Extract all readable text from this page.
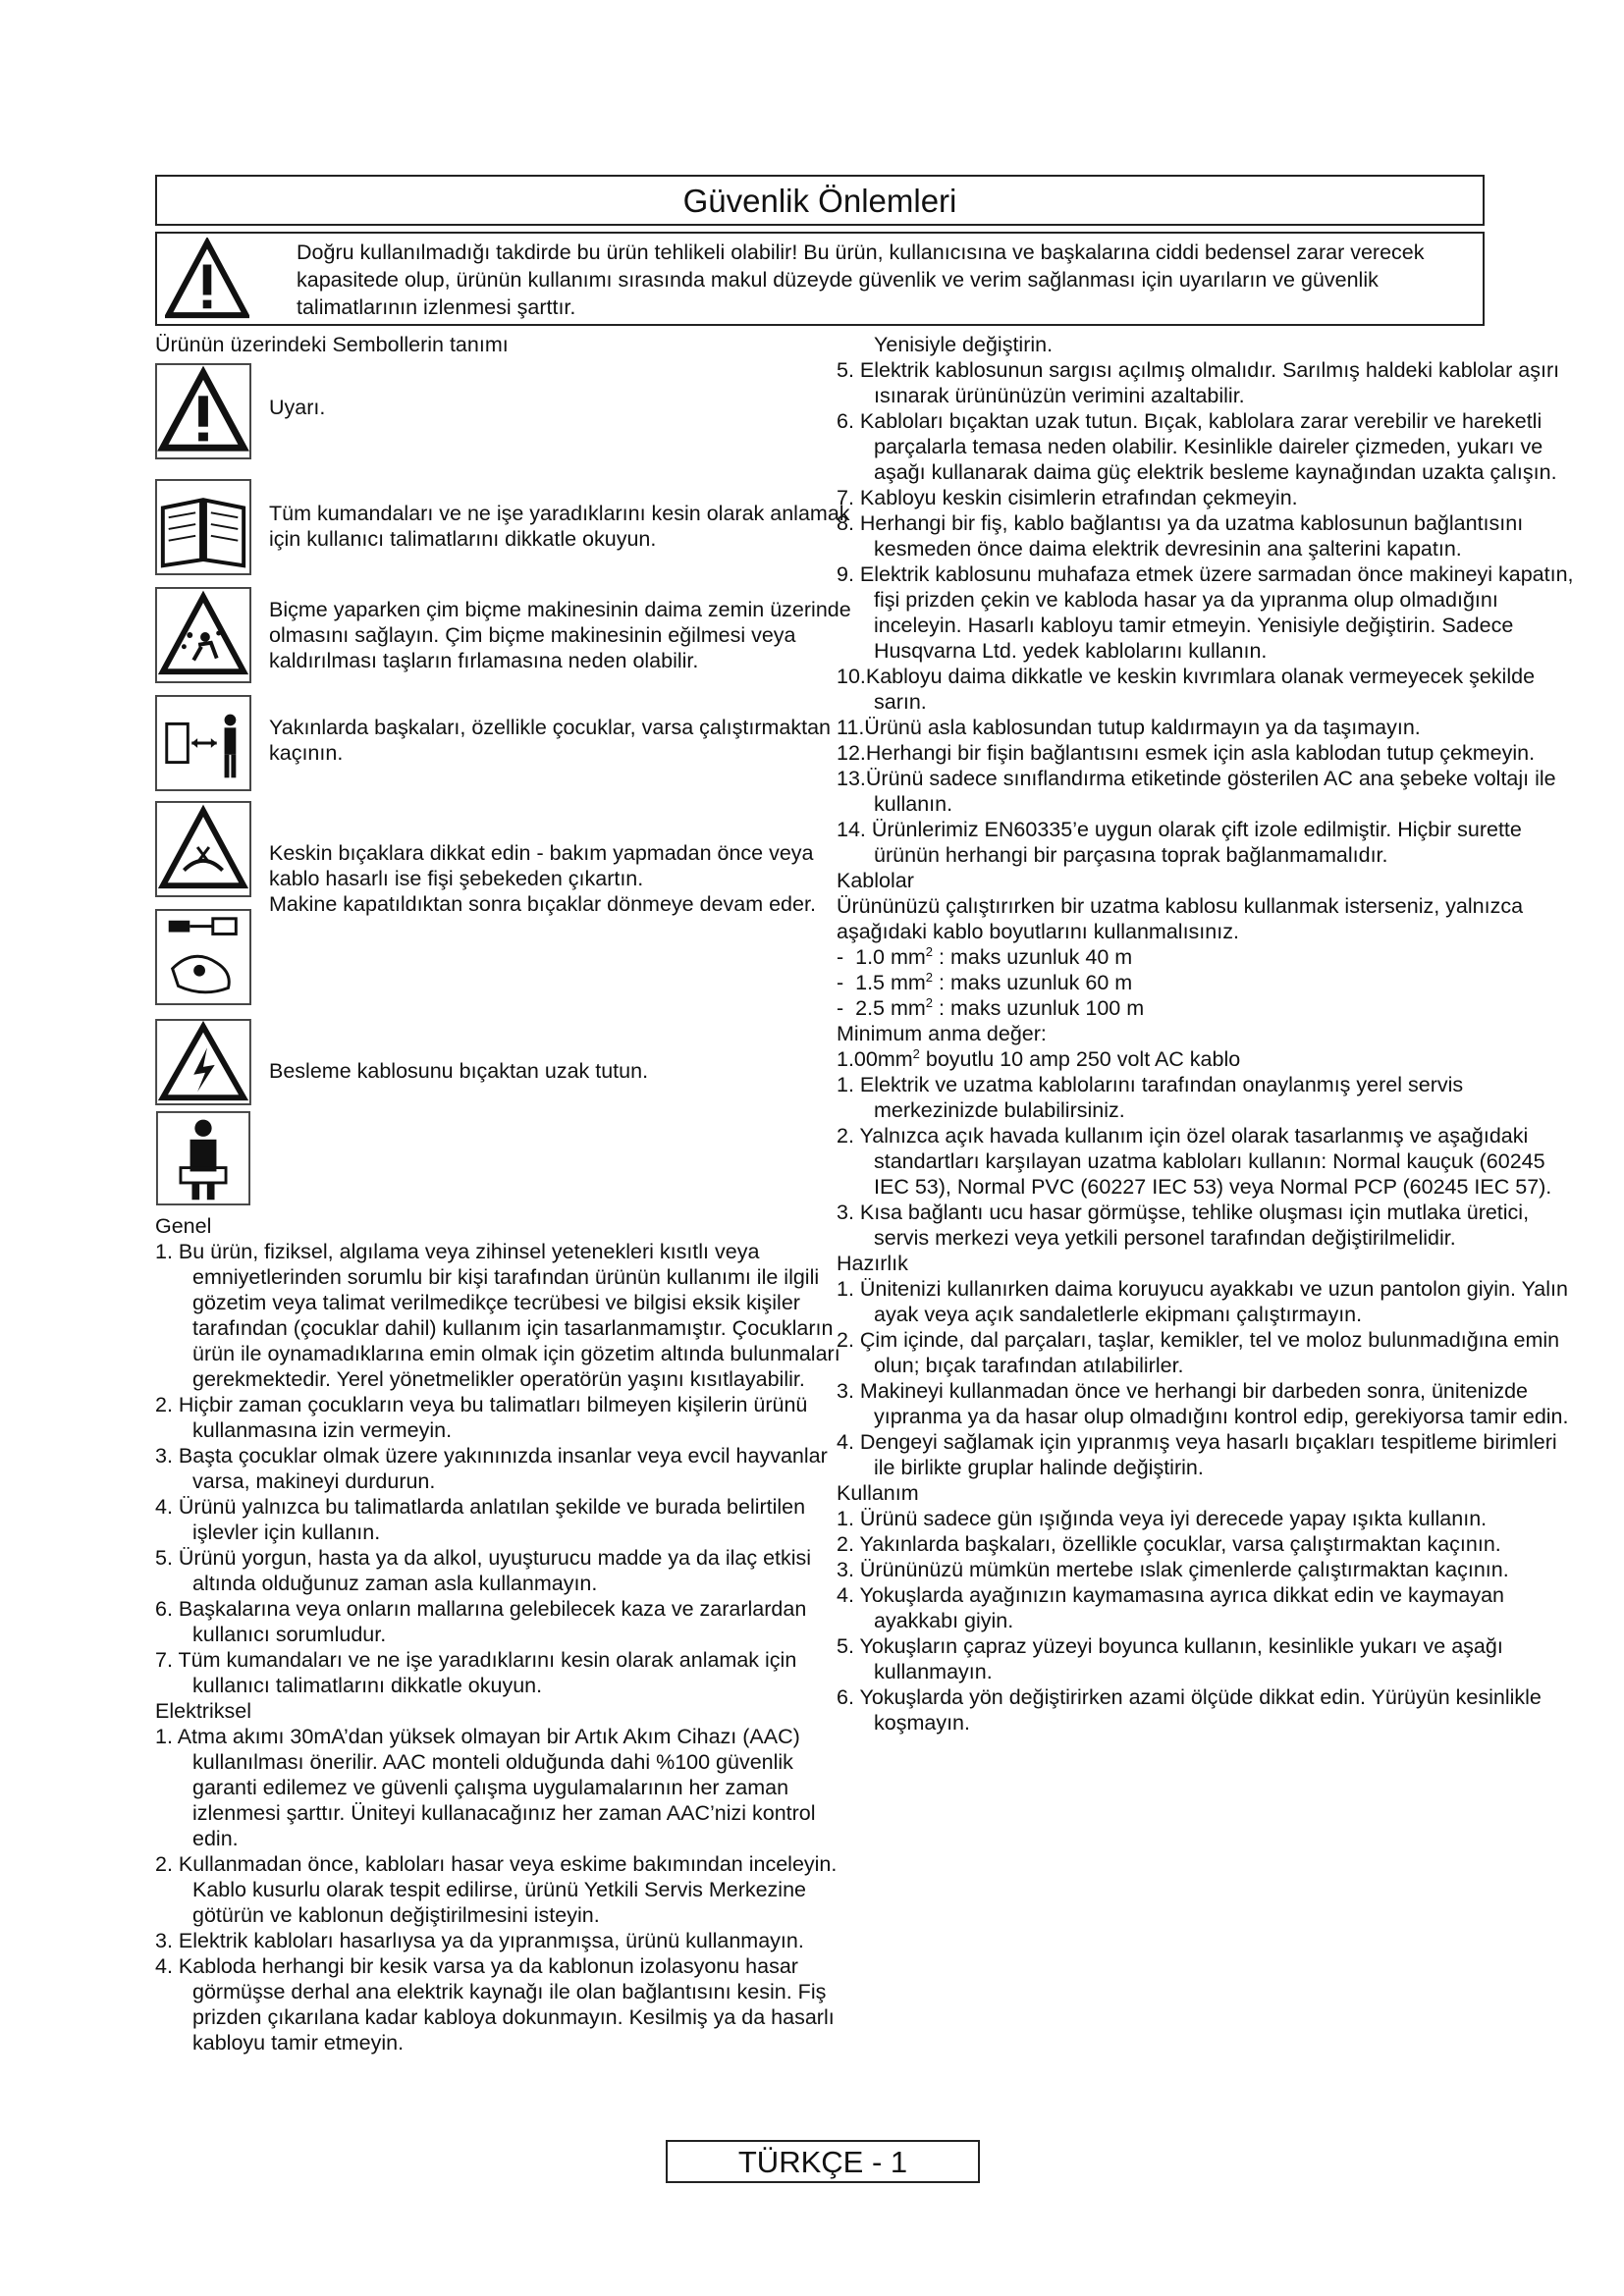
Güvenlik Önlemleri
Doğru kullanılmadığı takdirde bu ürün tehlikeli olabilir! Bu ürün, kullanıcısına ve başkalarına ciddi bedensel zarar verecek kapasitede olup, ürünün kullanımı sırasında makul düzeyde güvenlik ve verim sağlanması için uyarıların ve güvenlik talimatlarının izlenmesi şarttır.

Ürünün üzerindeki Sembollerin tanımı

Uyarı.
Tüm kumandaları ve ne işe yaradıklarını kesin olarak anlamak için kullanıcı talimatlarını dikkatle okuyun.
Biçme yaparken çim biçme makinesinin daima zemin üzerinde olmasını sağlayın. Çim biçme makinesinin eğilmesi veya kaldırılması taşların fırlamasına neden olabilir.
Yakınlarda başkaları, özellikle çocuklar, varsa çalıştırmaktan kaçının.
Keskin bıçaklara dikkat edin - bakım yapmadan önce veya kablo hasarlı ise fişi şebekeden çıkartın.
Makine kapatıldıktan sonra bıçaklar dönmeye devam eder.
Besleme kablosunu bıçaktan uzak tutun.

Genel

1. Bu ürün, fiziksel, algılama veya zihinsel yetenekleri kısıtlı veya emniyetlerinden sorumlu bir kişi tarafından ürünün kullanımı ile ilgili gözetim veya talimat verilmedikçe tecrübesi ve bilgisi eksik kişiler tarafından (çocuklar dahil) kullanım için tasarlanmamıştır. Çocukların ürün ile oynamadıklarına emin olmak için gözetim altında bulunmaları gerekmektedir. Yerel yönetmelikler operatörün yaşını kısıtlayabilir.
2. Hiçbir zaman çocukların veya bu talimatları bilmeyen kişilerin ürünü kullanmasına izin vermeyin.
3. Başta çocuklar olmak üzere yakınınızda insanlar veya evcil hayvanlar varsa, makineyi durdurun.
4. Ürünü yalnızca bu talimatlarda anlatılan şekilde ve burada belirtilen işlevler için kullanın.
5. Ürünü yorgun, hasta ya da alkol, uyuşturucu madde ya da ilaç etkisi altında olduğunuz zaman asla kullanmayın.
6. Başkalarına veya onların mallarına gelebilecek kaza ve zararlardan kullanıcı sorumludur.
7. Tüm kumandaları ve ne işe yaradıklarını kesin olarak anlamak için kullanıcı talimatlarını dikkatle okuyun.

Elektriksel

1. Atma akımı 30mA’dan yüksek olmayan bir Artık Akım Cihazı (AAC) kullanılması önerilir. AAC monteli olduğunda dahi %100 güvenlik garanti edilemez ve güvenli çalışma uygulamalarının her zaman izlenmesi şarttır. Üniteyi kullanacağınız her zaman AAC’nizi kontrol edin.
2. Kullanmadan önce, kabloları hasar veya eskime bakımından inceleyin. Kablo kusurlu olarak tespit edilirse, ürünü Yetkili Servis Merkezine götürün ve kablonun değiştirilmesini isteyin.
3. Elektrik kabloları hasarlıysa ya da yıpranmışsa, ürünü kullanmayın.
4. Kabloda herhangi bir kesik varsa ya da kablonun izolasyonu hasar görmüşse derhal ana elektrik kaynağı ile olan bağlantısını kesin. Fiş prizden çıkarılana kadar kabloya dokunmayın. Kesilmiş ya da hasarlı kabloyu tamir etmeyin.

Yenisiyle değiştirin.

5. Elektrik kablosunun sargısı açılmış olmalıdır. Sarılmış haldeki kablolar aşırı ısınarak ürününüzün verimini azaltabilir.
6. Kabloları bıçaktan uzak tutun. Bıçak, kablolara zarar verebilir ve hareketli parçalarla temasa neden olabilir. Kesinlikle daireler çizmeden, yukarı ve aşağı kullanarak daima güç elektrik besleme kaynağından uzakta çalışın.
7. Kabloyu keskin cisimlerin etrafından çekmeyin.
8. Herhangi bir fiş, kablo bağlantısı ya da uzatma kablosunun bağlantısını kesmeden önce daima elektrik devresinin ana şalterini kapatın.
9. Elektrik kablosunu muhafaza etmek üzere sarmadan önce makineyi kapatın, fişi prizden çekin ve kabloda hasar ya da yıpranma olup olmadığını inceleyin. Hasarlı kabloyu tamir etmeyin. Yenisiyle değiştirin. Sadece Husqvarna Ltd. yedek kablolarını kullanın.
10.Kabloyu daima dikkatle ve keskin kıvrımlara olanak vermeyecek şekilde sarın.
11.Ürünü asla kablosundan tutup kaldırmayın ya da taşımayın.
12.Herhangi bir fişin bağlantısını esmek için asla kablodan tutup çekmeyin.
13.Ürünü sadece sınıflandırma etiketinde gösterilen AC ana şebeke voltajı ile kullanın.
14. Ürünlerimiz EN60335’e uygun olarak çift izole edilmiştir. Hiçbir surette ürünün herhangi bir parçasına toprak bağlanmamalıdır.

Kablolar

Ürününüzü çalıştırırken bir uzatma kablosu kullanmak isterseniz, yalnızca aşağıdaki kablo boyutlarını kullanmalısınız.

-  1.0 $mm^2$ : maks uzunluk 40 m
-  1.5 $mm^2$ : maks uzunluk 60 m
-  2.5 $mm^2$ : maks uzunluk 100 m

Minimum anma değer:

$1.00mm^2$ boyutlu 10 amp 250 volt AC kablo
1. Elektrik ve uzatma kablolarını tarafından onaylanmış yerel servis merkezinizde bulabilirsiniz.
2. Yalnızca açık havada kullanım için özel olarak tasarlanmış ve aşağıdaki standartları karşılayan uzatma kabloları kullanın: Normal kauçuk (60245 IEC 53), Normal PVC (60227 IEC 53) veya Normal PCP (60245 IEC 57).
3. Kısa bağlantı ucu hasar görmüşse, tehlike oluşması için mutlaka üretici, servis merkezi veya yetkili personel tarafından değiştirilmelidir.

Hazırlık

1. Ünitenizi kullanırken daima koruyucu ayakkabı ve uzun pantolon giyin. Yalın ayak veya açık sandaletlerle ekipmanı çalıştırmayın.
2. Çim içinde, dal parçaları, taşlar, kemikler, tel ve moloz bulunmadığına emin olun; bıçak tarafından atılabilirler.
3. Makineyi kullanmadan önce ve herhangi bir darbeden sonra, ünitenizde yıpranma ya da hasar olup olmadığını kontrol edip, gerekiyorsa tamir edin.
4. Dengeyi sağlamak için yıpranmış veya hasarlı bıçakları tespitleme birimleri ile birlikte gruplar halinde değiştirin.

Kullanım

1. Ürünü sadece gün ışığında veya iyi derecede yapay ışıkta kullanın.
2. Yakınlarda başkaları, özellikle çocuklar, varsa çalıştırmaktan kaçının.
3. Ürününüzü mümkün mertebe ıslak çimenlerde çalıştırmaktan kaçının.
4. Yokuşlarda ayağınızın kaymamasına ayrıca dikkat edin ve kaymayan ayakkabı giyin.
5. Yokuşların çapraz yüzeyi boyunca kullanın, kesinlikle yukarı ve aşağı kullanmayın.
6. Yokuşlarda yön değiştirirken azami ölçüde dikkat edin. Yürüyün kesinlikle koşmayın.
TÜRKÇE - 1
